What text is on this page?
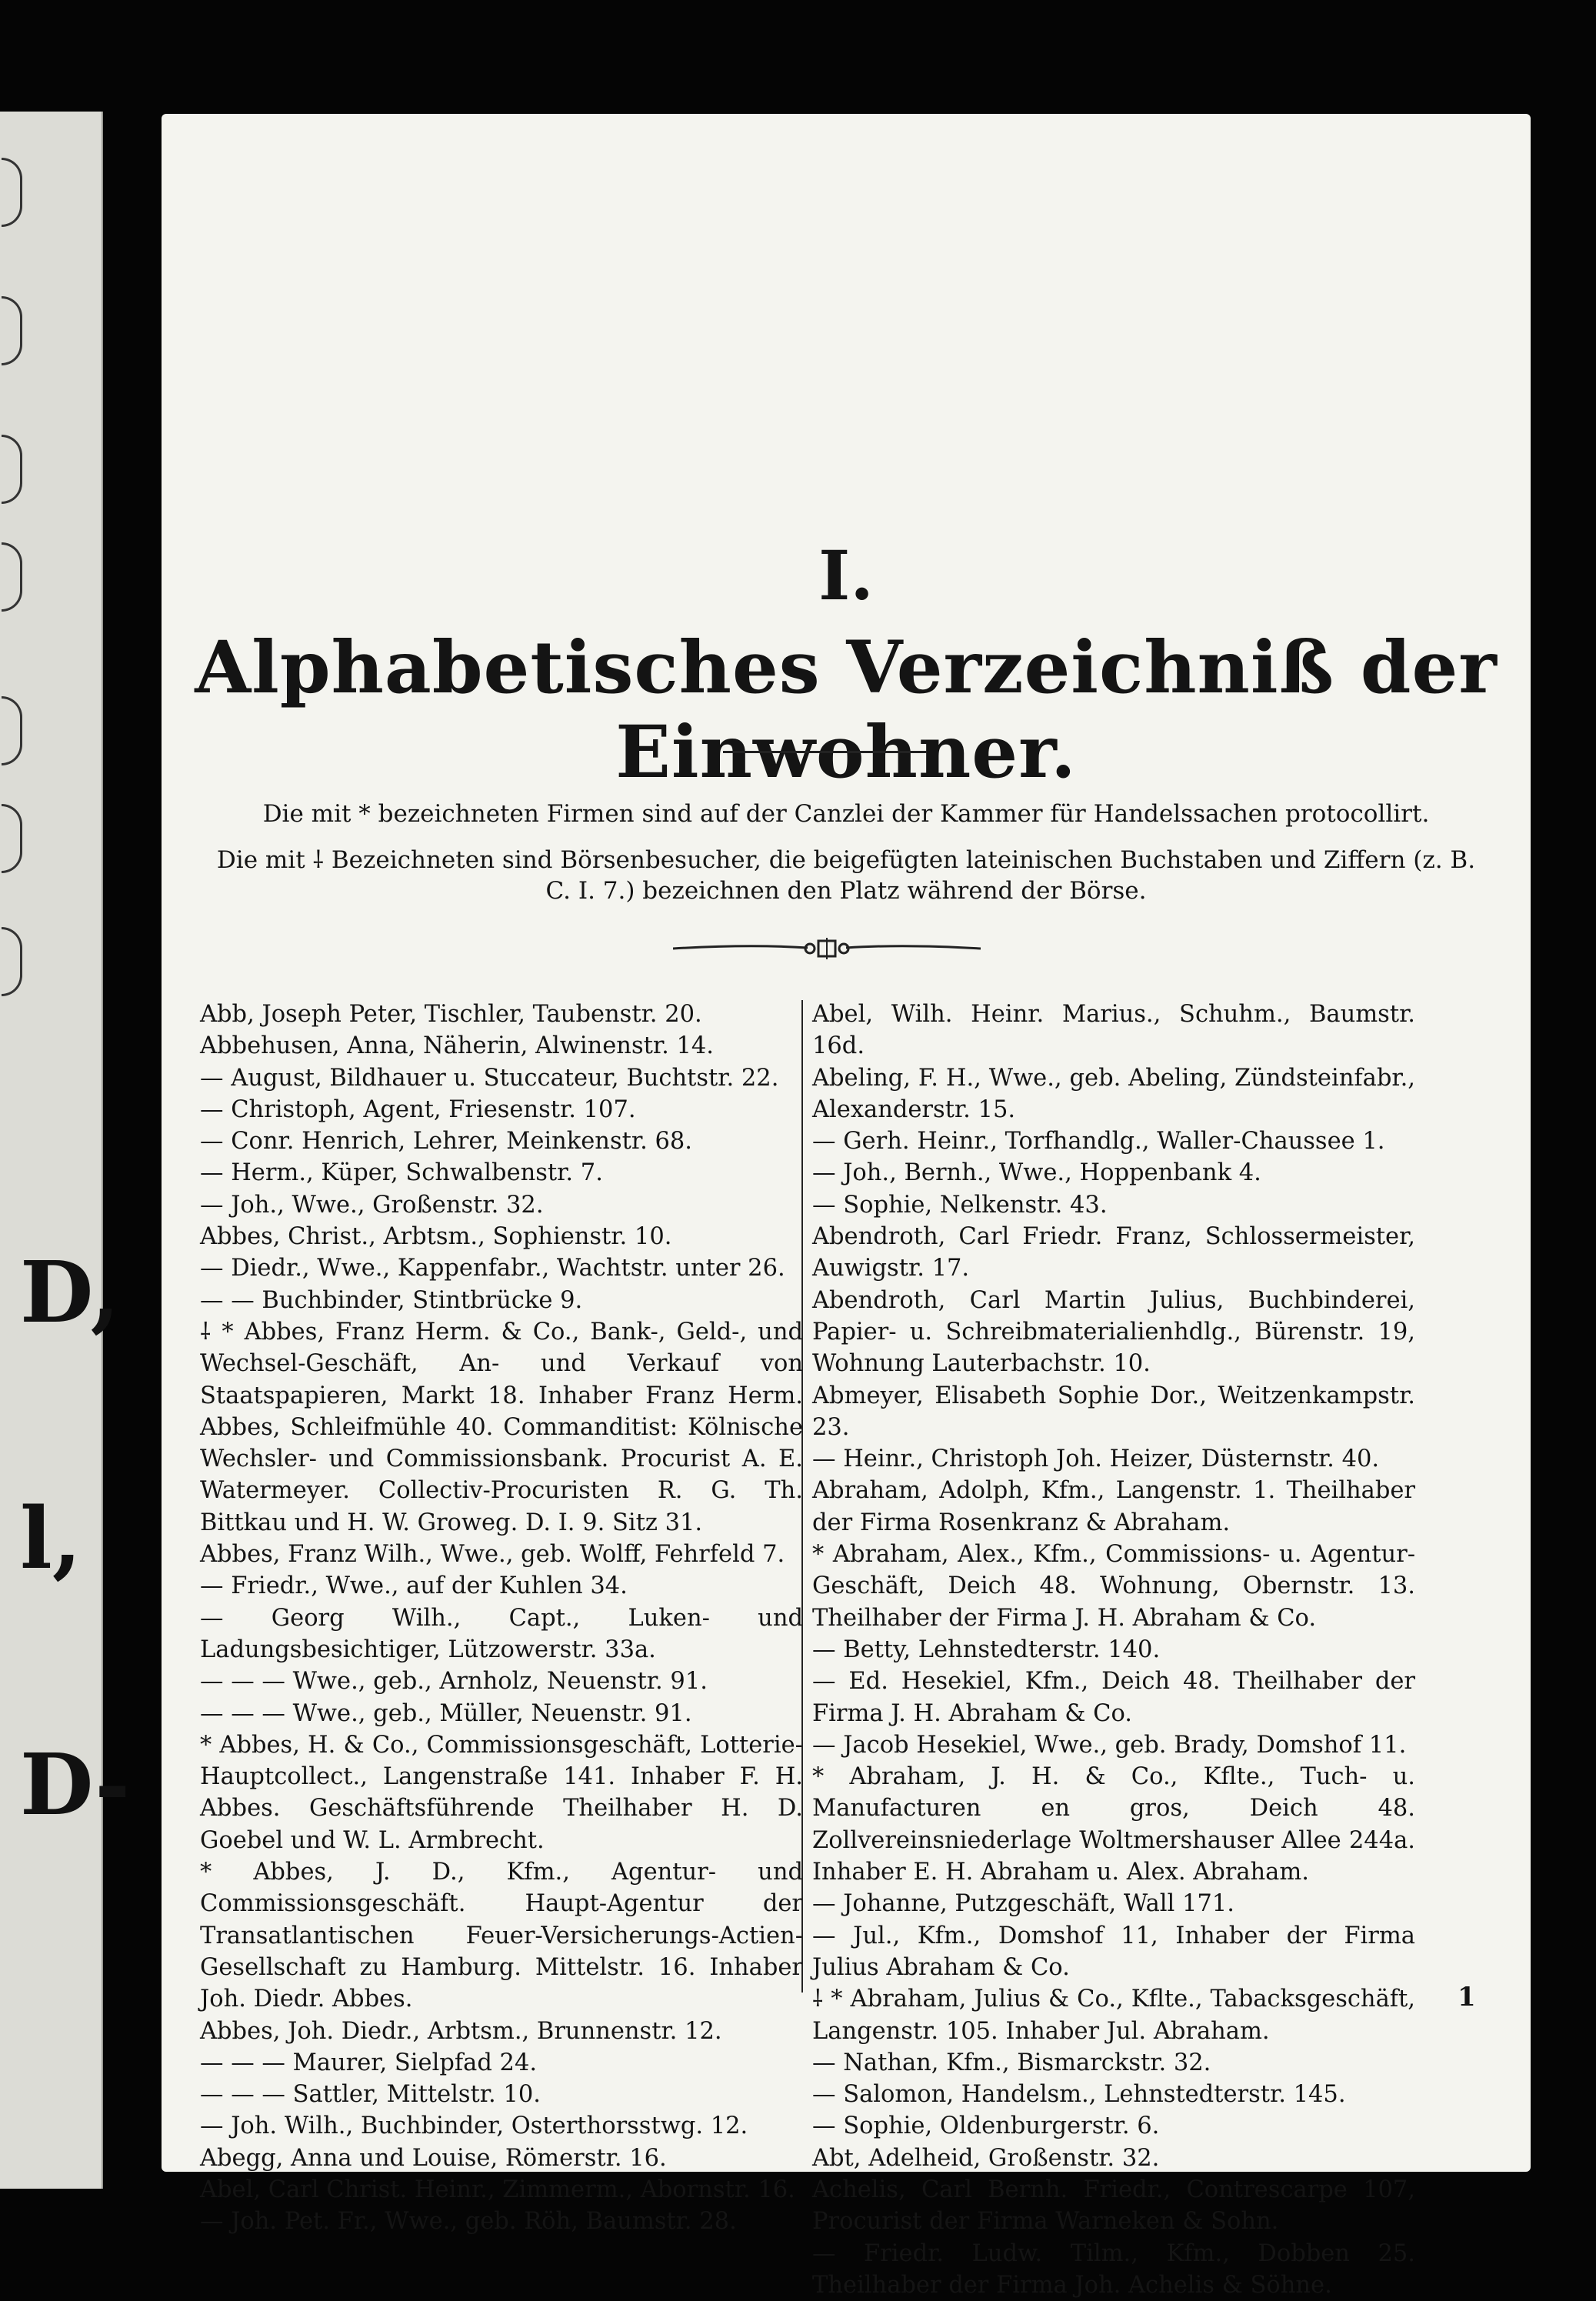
D,
l,
D-
I.
Alphabetisches Verzeichniß der Einwohner.
Die mit * bezeichneten Firmen sind auf der Canzlei der Kammer für Handelssachen protocollirt.
Die mit ⸸ Bezeichneten sind Börsenbesucher, die beigefügten lateinischen Buchstaben und Ziffern (z. B. C. I. 7.) bezeichnen den Platz während der Börse.
Abb, Joseph Peter, Tischler, Taubenstr. 20.
Abbehusen, Anna, Näherin, Alwinenstr. 14.
— August, Bildhauer u. Stuccateur, Buchtstr. 22.
— Christoph, Agent, Friesenstr. 107.
— Conr. Henrich, Lehrer, Meinkenstr. 68.
— Herm., Küper, Schwalbenstr. 7.
— Joh., Wwe., Großenstr. 32.
Abbes, Christ., Arbtsm., Sophienstr. 10.
— Diedr., Wwe., Kappenfabr., Wachtstr. unter 26.
— — Buchbinder, Stintbrücke 9.
⸸ * Abbes, Franz Herm. & Co., Bank-, Geld-, und Wechsel-Geschäft, An- und Verkauf von Staatspapieren, Markt 18. Inhaber Franz Herm. Abbes, Schleifmühle 40. Commanditist: Kölnische Wechsler- und Commissionsbank. Procurist A. E. Watermeyer. Collectiv-Procuristen R. G. Th. Bittkau und H. W. Groweg. D. I. 9. Sitz 31.
Abbes, Franz Wilh., Wwe., geb. Wolff, Fehrfeld 7.
— Friedr., Wwe., auf der Kuhlen 34.
— Georg Wilh., Capt., Luken- und Ladungsbesichtiger, Lützowerstr. 33a.
— — — Wwe., geb., Arnholz, Neuenstr. 91.
— — — Wwe., geb., Müller, Neuenstr. 91.
* Abbes, H. & Co., Commissionsgeschäft, Lotterie-Hauptcollect., Langenstraße 141. Inhaber F. H. Abbes. Geschäftsführende Theilhaber H. D. Goebel und W. L. Armbrecht.
* Abbes, J. D., Kfm., Agentur- und Commissionsgeschäft. Haupt-Agentur der Transatlantischen Feuer-Versicherungs-Actien-Gesellschaft zu Hamburg. Mittelstr. 16. Inhaber Joh. Diedr. Abbes.
Abbes, Joh. Diedr., Arbtsm., Brunnenstr. 12.
— — — Maurer, Sielpfad 24.
— — — Sattler, Mittelstr. 10.
— Joh. Wilh., Buchbinder, Osterthorsstwg. 12.
Abegg, Anna und Louise, Römerstr. 16.
Abel, Carl Christ. Heinr., Zimmerm., Abornstr. 16.
— Joh. Pet. Fr., Wwe., geb. Röh, Baumstr. 28.
Abel, Wilh. Heinr. Marius., Schuhm., Baumstr. 16d.
Abeling, F. H., Wwe., geb. Abeling, Zündsteinfabr., Alexanderstr. 15.
— Gerh. Heinr., Torfhandlg., Waller-Chaussee 1.
— Joh., Bernh., Wwe., Hoppenbank 4.
— Sophie, Nelkenstr. 43.
Abendroth, Carl Friedr. Franz, Schlossermeister, Auwigstr. 17.
Abendroth, Carl Martin Julius, Buchbinderei, Papier- u. Schreibmaterialienhdlg., Bürenstr. 19, Wohnung Lauterbachstr. 10.
Abmeyer, Elisabeth Sophie Dor., Weitzenkampstr. 23.
— Heinr., Christoph Joh. Heizer, Düsternstr. 40.
Abraham, Adolph, Kfm., Langenstr. 1. Theilhaber der Firma Rosenkranz & Abraham.
* Abraham, Alex., Kfm., Commissions- u. Agentur-Geschäft, Deich 48. Wohnung, Obernstr. 13. Theilhaber der Firma J. H. Abraham & Co.
— Betty, Lehnstedterstr. 140.
— Ed. Hesekiel, Kfm., Deich 48. Theilhaber der Firma J. H. Abraham & Co.
— Jacob Hesekiel, Wwe., geb. Brady, Domshof 11.
* Abraham, J. H. & Co., Kflte., Tuch- u. Manufacturen en gros, Deich 48. Zollvereinsniederlage Woltmershauser Allee 244a. Inhaber E. H. Abraham u. Alex. Abraham.
— Johanne, Putzgeschäft, Wall 171.
— Jul., Kfm., Domshof 11, Inhaber der Firma Julius Abraham & Co.
⸸ * Abraham, Julius & Co., Kflte., Tabacksgeschäft, Langenstr. 105. Inhaber Jul. Abraham.
— Nathan, Kfm., Bismarckstr. 32.
— Salomon, Handelsm., Lehnstedterstr. 145.
— Sophie, Oldenburgerstr. 6.
Abt, Adelheid, Großenstr. 32.
Achelis, Carl Bernh. Friedr., Contrescarpe 107, Procurist der Firma Warneken & Sohn.
— Friedr. Ludw. Tilm., Kfm., Dobben 25. Theilhaber der Firma Joh. Achelis & Söhne.
1
